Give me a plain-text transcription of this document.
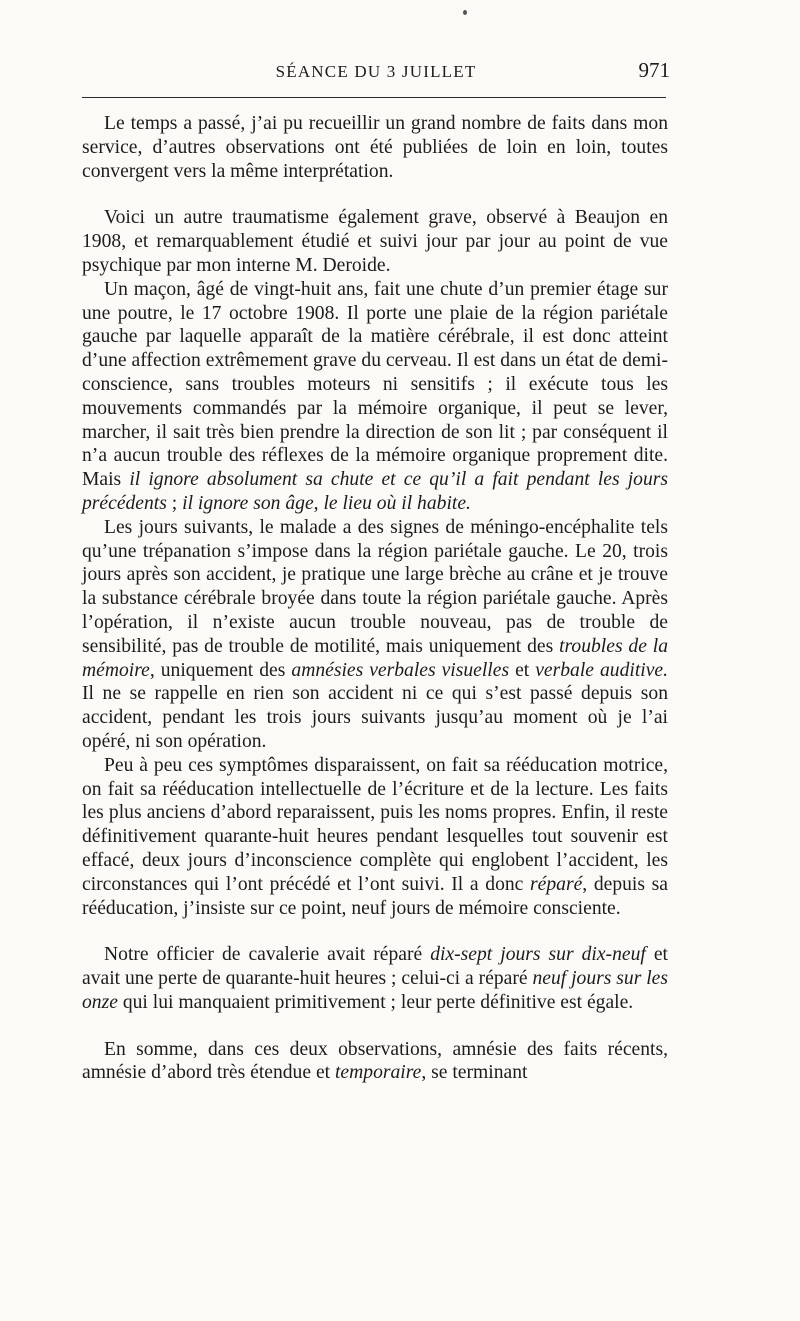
SÉANCE DU 3 JUILLET	971

Le temps a passé, j’ai pu recueillir un grand nombre de faits dans mon service, d’autres observations ont été publiées de loin en loin, toutes convergent vers la même interprétation.

Voici un autre traumatisme également grave, observé à Beaujon en 1908, et remarquablement étudié et suivi jour par jour au point de vue psychique par mon interne M. Deroide.

Un maçon, âgé de vingt-huit ans, fait une chute d’un premier étage sur une poutre, le 17 octobre 1908. Il porte une plaie de la région pariétale gauche par laquelle apparaît de la matière cérébrale, il est donc atteint d’une affection extrêmement grave du cerveau. Il est dans un état de demi-conscience, sans troubles moteurs ni sensitifs ; il exécute tous les mouvements commandés par la mémoire organique, il peut se lever, marcher, il sait très bien prendre la direction de son lit ; par conséquent il n’a aucun trouble des réflexes de la mémoire organique proprement dite. Mais il ignore absolument sa chute et ce qu’il a fait pendant les jours précédents ; il ignore son âge, le lieu où il habite.

Les jours suivants, le malade a des signes de méningo-encéphalite tels qu’une trépanation s’impose dans la région pariétale gauche. Le 20, trois jours après son accident, je pratique une large brèche au crâne et je trouve la substance cérébrale broyée dans toute la région pariétale gauche. Après l’opération, il n’existe aucun trouble nouveau, pas de trouble de sensibilité, pas de trouble de motilité, mais uniquement des troubles de la mémoire, uniquement des amnésies verbales visuelles et verbale auditive. Il ne se rappelle en rien son accident ni ce qui s’est passé depuis son accident, pendant les trois jours suivants jusqu’au moment où je l’ai opéré, ni son opération.

Peu à peu ces symptômes disparaissent, on fait sa rééducation motrice, on fait sa rééducation intellectuelle de l’écriture et de la lecture. Les faits les plus anciens d’abord reparaissent, puis les noms propres. Enfin, il reste définitivement quarante-huit heures pendant lesquelles tout souvenir est effacé, deux jours d’inconscience complète qui englobent l’accident, les circonstances qui l’ont précédé et l’ont suivi. Il a donc réparé, depuis sa rééducation, j’insiste sur ce point, neuf jours de mémoire consciente.

Notre officier de cavalerie avait réparé dix-sept jours sur dix-neuf et avait une perte de quarante-huit heures ; celui-ci a réparé neuf jours sur les onze qui lui manquaient primitivement ; leur perte définitive est égale.

En somme, dans ces deux observations, amnésie des faits récents, amnésie d’abord très étendue et temporaire, se terminant
